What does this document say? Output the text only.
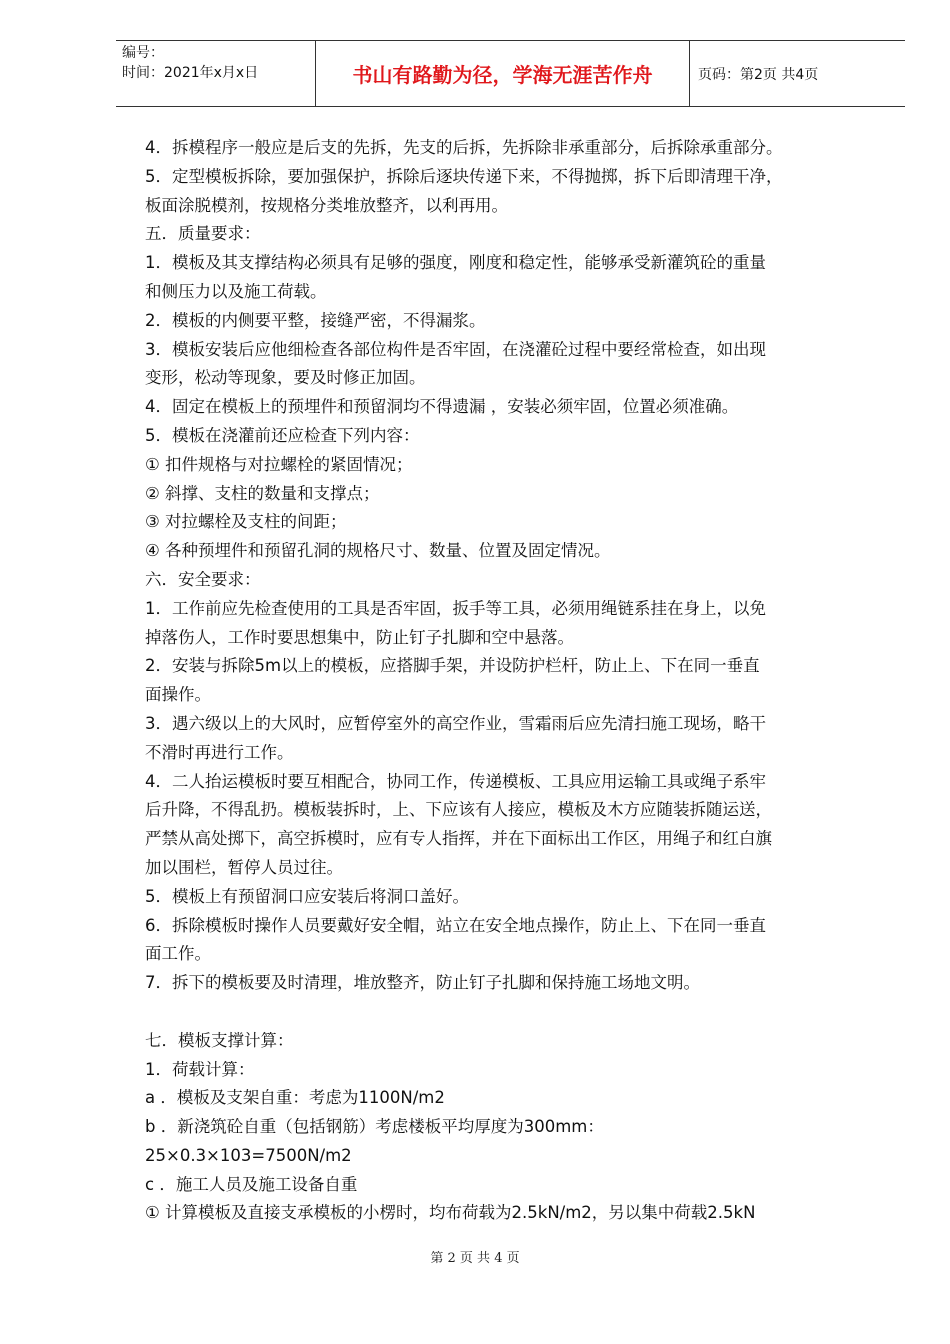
编号：
时间：2021年x月x日	书山有路勤为径，学海无涯苦作舟	页码：第2页 共4页

4．拆模程序一般应是后支的先拆，先支的后拆，先拆除非承重部分，后拆除承重部分。

5．定型模板拆除，要加强保护，拆除后逐块传递下来，不得抛掷，拆下后即清理干净，

板面涂脱模剂，按规格分类堆放整齐，以利再用。

五．质量要求：

1．模板及其支撑结构必须具有足够的强度，刚度和稳定性，能够承受新灌筑砼的重量

和侧压力以及施工荷载。

2．模板的内侧要平整，接缝严密，不得漏浆。

3．模板安装后应他细检查各部位构件是否牢固，在浇灌砼过程中要经常检查，如出现

变形，松动等现象，要及时修正加固。

4．固定在模板上的预埋件和预留洞均不得遗漏 ，安装必须牢固，位置必须准确。

5．模板在浇灌前还应检查下列内容：

① 扣件规格与对拉螺栓的紧固情况；

② 斜撑、支柱的数量和支撑点；

③ 对拉螺栓及支柱的间距；

④ 各种预埋件和预留孔洞的规格尺寸、数量、位置及固定情况。

六．安全要求：

1．工作前应先检查使用的工具是否牢固，扳手等工具，必须用绳链系挂在身上，以免

掉落伤人，工作时要思想集中，防止钉子扎脚和空中悬落。

2．安装与拆除5m以上的模板，应搭脚手架，并设防护栏杆，防止上、下在同一垂直

面操作。

3．遇六级以上的大风时，应暂停室外的高空作业，雪霜雨后应先清扫施工现场，略干

不滑时再进行工作。

4．二人抬运模板时要互相配合，协同工作，传递模板、工具应用运输工具或绳子系牢

后升降，不得乱扔。模板装拆时，上、下应该有人接应，模板及木方应随装拆随运送，

严禁从高处掷下，高空拆模时，应有专人指挥，并在下面标出工作区，用绳子和红白旗

加以围栏，暂停人员过往。

5．模板上有预留洞口应安装后将洞口盖好。

6．拆除模板时操作人员要戴好安全帽，站立在安全地点操作，防止上、下在同一垂直

面工作。

7．拆下的模板要及时清理，堆放整齐，防止钉子扎脚和保持施工场地文明。

七．模板支撑计算：

1．荷载计算：

a ．模板及支架自重：考虑为1100N/m2

b ．新浇筑砼自重（包括钢筋）考虑楼板平均厚度为300mm：

25×0.3×103=7500N/m2

c ．施工人员及施工设备自重

① 计算模板及直接支承模板的小楞时，均布荷载为2.5kN/m2，另以集中荷载2.5kN

第 2 页 共 4 页
